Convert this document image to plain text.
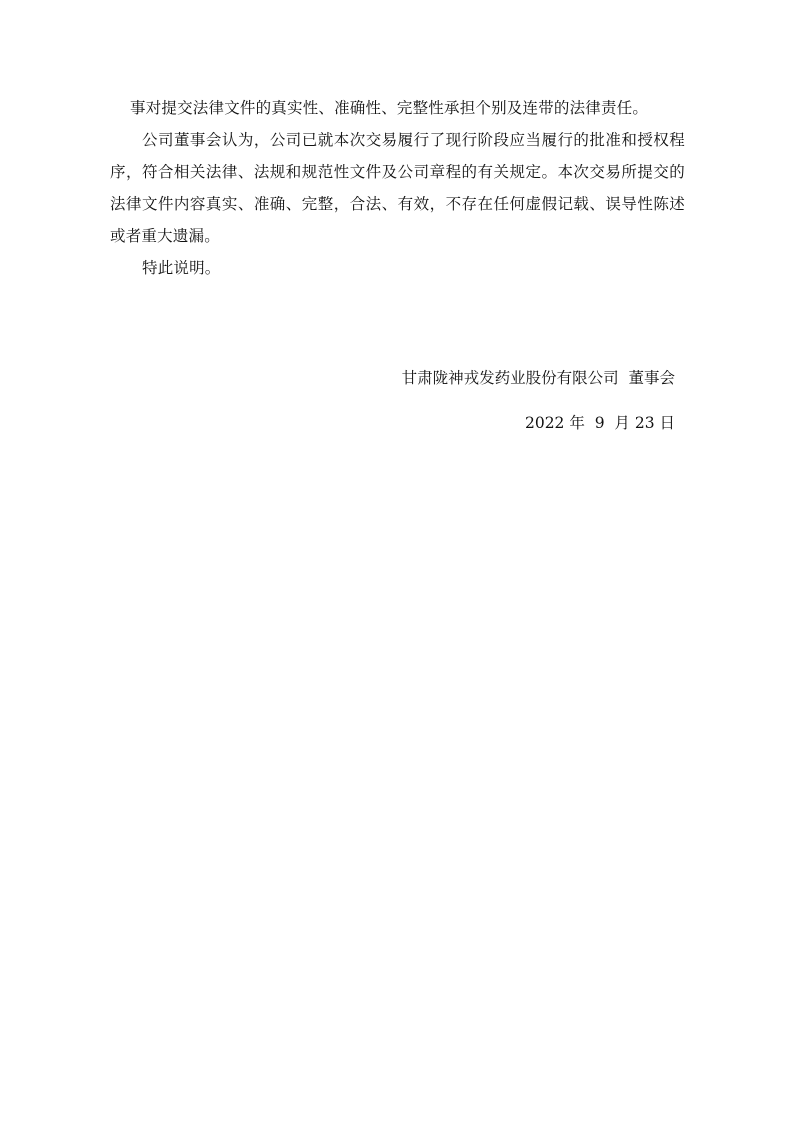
事对提交法律文件的真实性、准确性、完整性承担个别及连带的法律责任。

公司董事会认为，公司已就本次交易履行了现行阶段应当履行的批准和授权程序，符合相关法律、法规和规范性文件及公司章程的有关规定。本次交易所提交的法律文件内容真实、准确、完整，合法、有效，不存在任何虚假记载、误导性陈述或者重大遗漏。

特此说明。

甘肃陇神戎发药业股份有限公司  董事会
2022 年  9  月 23 日
